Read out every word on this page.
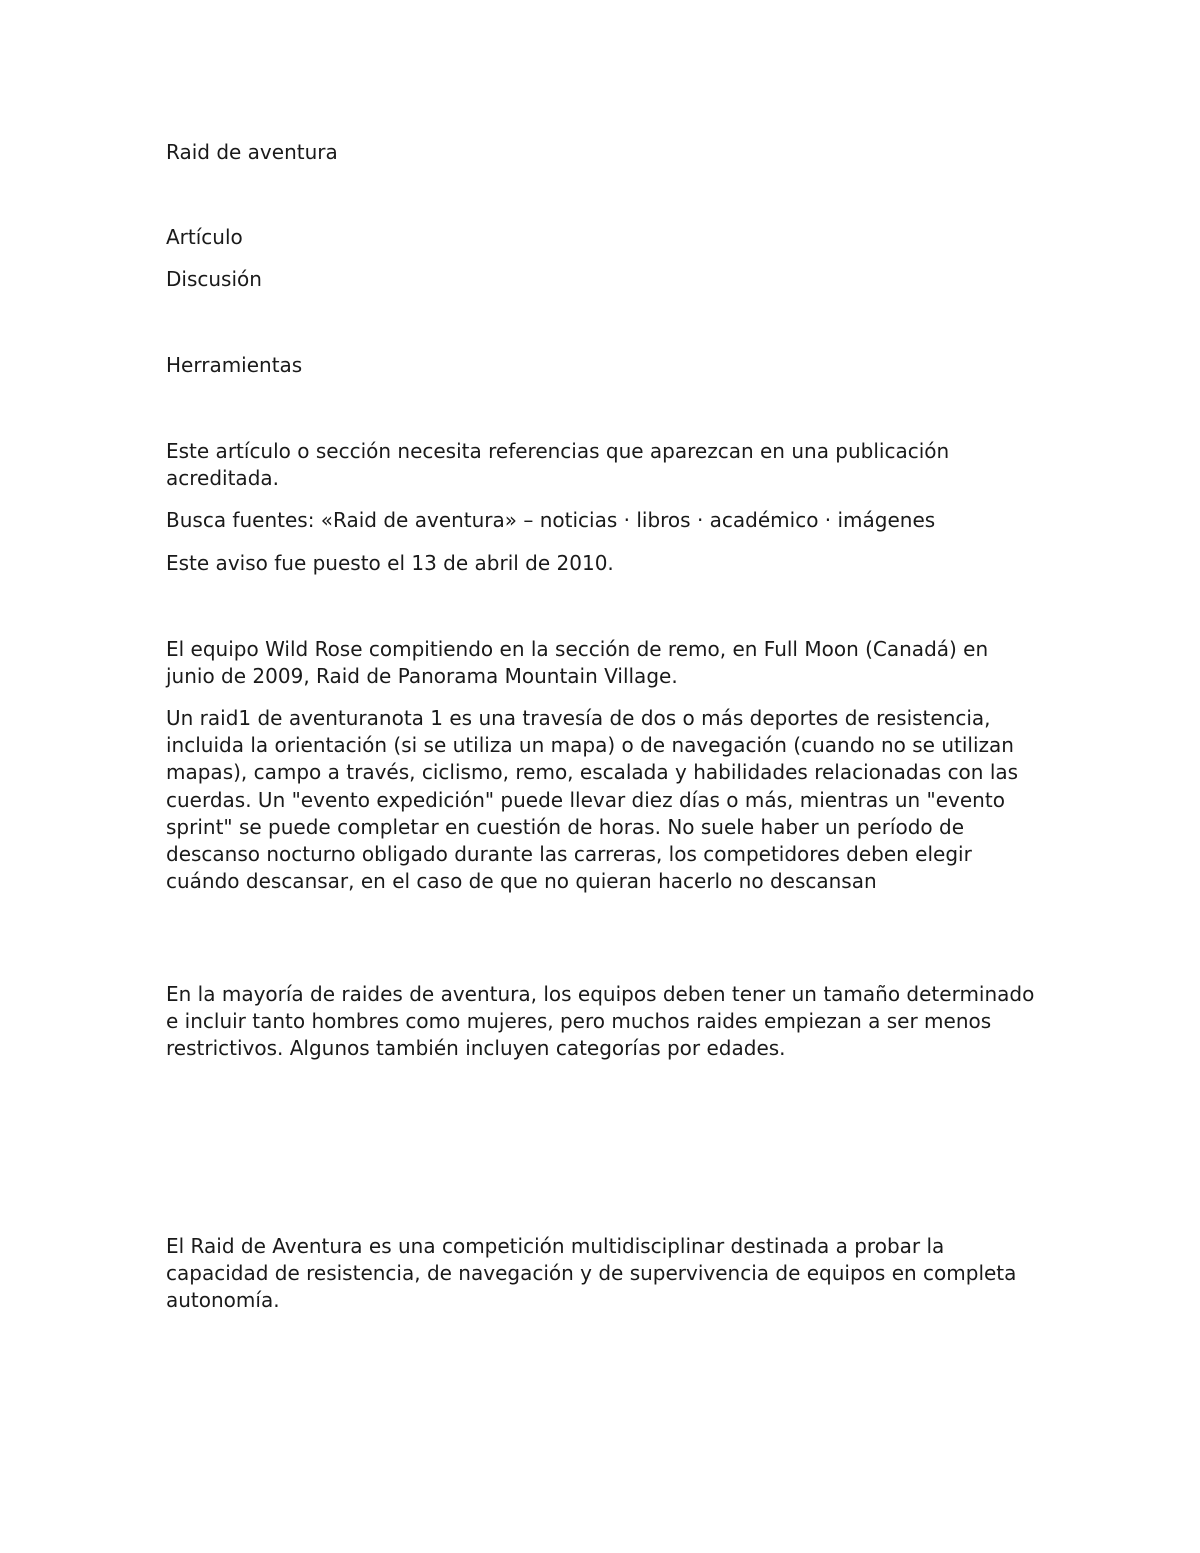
Raid de aventura

Artículo

Discusión

Herramientas

Este artículo o sección necesita referencias que aparezcan en una publicación acreditada.

Busca fuentes: «Raid de aventura» – noticias · libros · académico · imágenes

Este aviso fue puesto el 13 de abril de 2010.

El equipo Wild Rose compitiendo en la sección de remo, en Full Moon (Canadá) en junio de 2009, Raid de Panorama Mountain Village.

Un raid1 de aventuranota 1 es una travesía de dos o más deportes de resistencia, incluida la orientación (si se utiliza un mapa) o de navegación (cuando no se utilizan mapas), campo a través, ciclismo, remo, escalada y habilidades relacionadas con las cuerdas. Un "evento expedición" puede llevar diez días o más, mientras un "evento sprint" se puede completar en cuestión de horas. No suele haber un período de descanso nocturno obligado durante las carreras, los competidores deben elegir cuándo descansar, en el caso de que no quieran hacerlo no descansan

En la mayoría de raides de aventura, los equipos deben tener un tamaño determinado e incluir tanto hombres como mujeres, pero muchos raides empiezan a ser menos restrictivos. Algunos también incluyen categorías por edades.

El Raid de Aventura es una competición multidisciplinar destinada a probar la capacidad de resistencia, de navegación y de supervivencia de equipos en completa autonomía.
